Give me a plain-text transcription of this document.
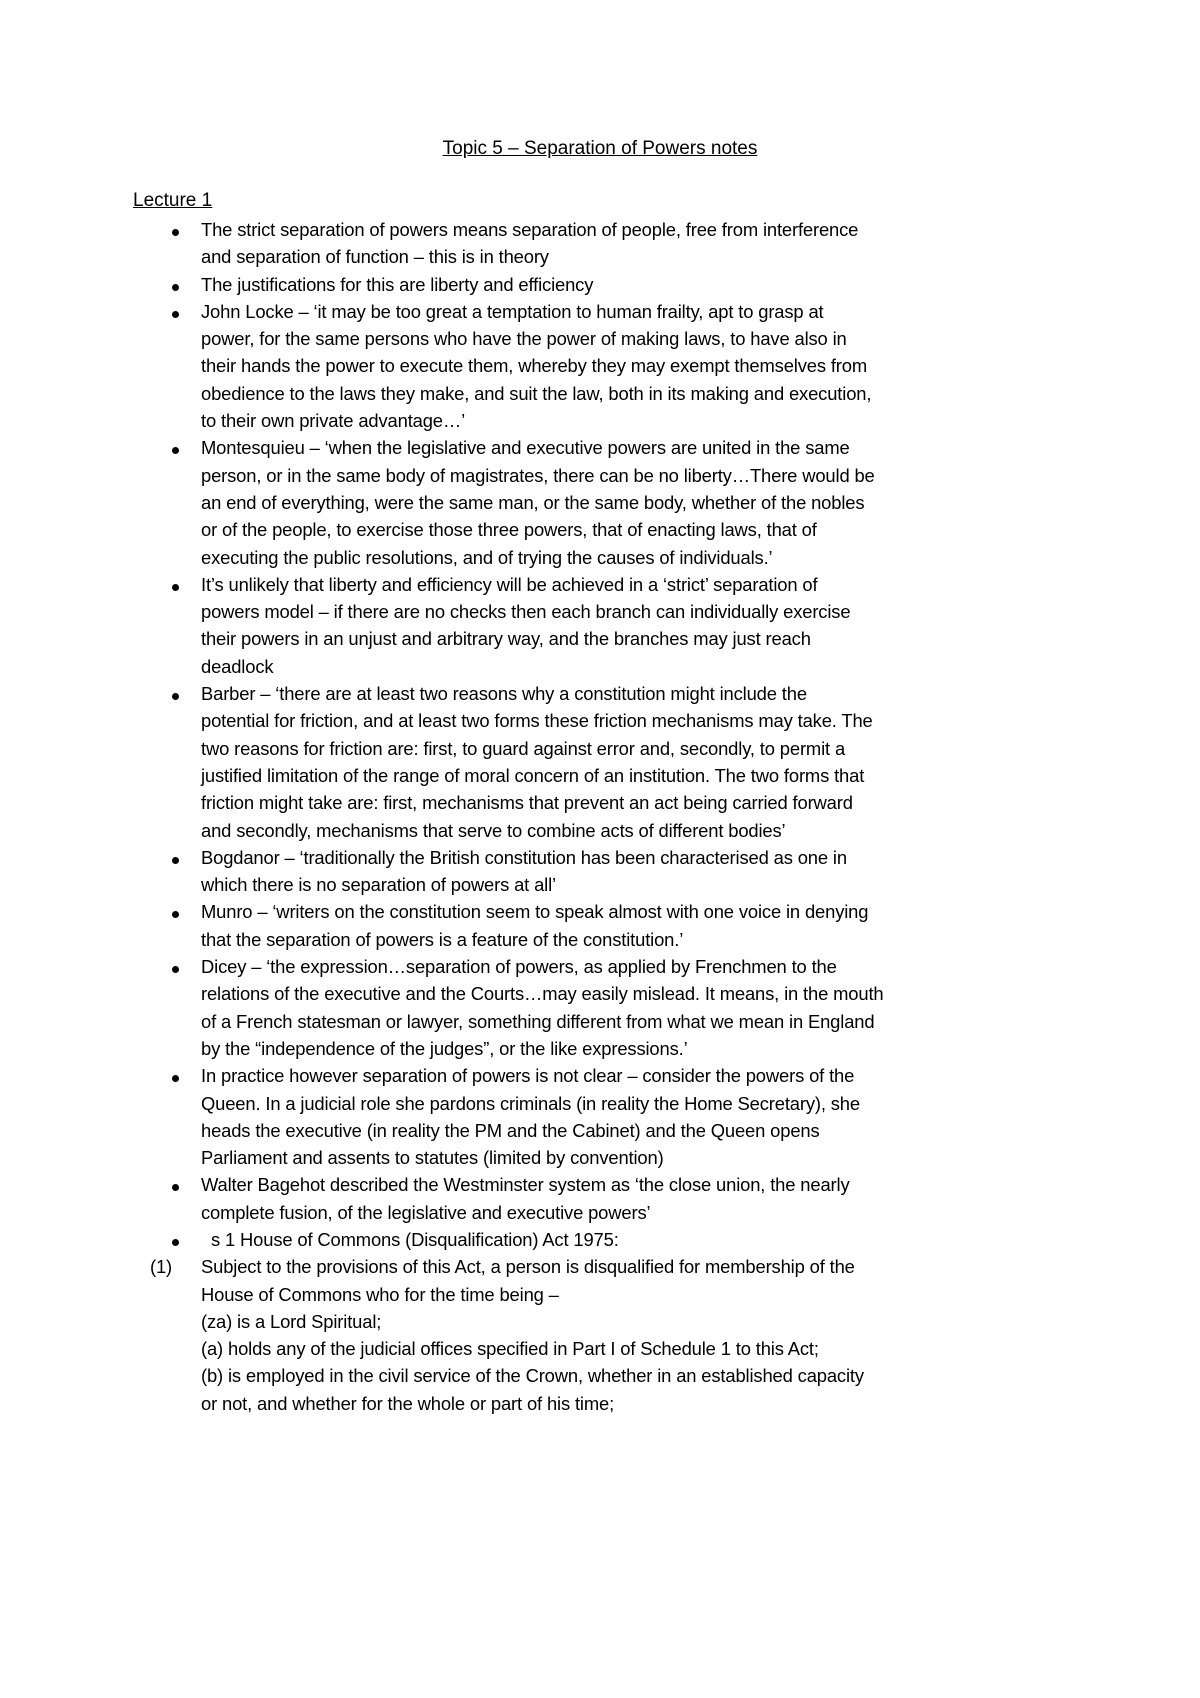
Topic 5 – Separation of Powers notes
Lecture 1
The strict separation of powers means separation of people, free from interference
and separation of function – this is in theory
The justifications for this are liberty and efficiency
John Locke – ‘it may be too great a temptation to human frailty, apt to grasp at
power, for the same persons who have the power of making laws, to have also in
their hands the power to execute them, whereby they may exempt themselves from
obedience to the laws they make, and suit the law, both in its making and execution,
to their own private advantage…’
Montesquieu – ‘when the legislative and executive powers are united in the same
person, or in the same body of magistrates, there can be no liberty…There would be
an end of everything, were the same man, or the same body, whether of the nobles
or of the people, to exercise those three powers, that of enacting laws, that of
executing the public resolutions, and of trying the causes of individuals.’
It’s unlikely that liberty and efficiency will be achieved in a ‘strict’ separation of
powers model – if there are no checks then each branch can individually exercise
their powers in an unjust and arbitrary way, and the branches may just reach
deadlock
Barber – ‘there are at least two reasons why a constitution might include the
potential for friction, and at least two forms these friction mechanisms may take. The
two reasons for friction are: first, to guard against error and, secondly, to permit a
justified limitation of the range of moral concern of an institution. The two forms that
friction might take are: first, mechanisms that prevent an act being carried forward
and secondly, mechanisms that serve to combine acts of different bodies’
Bogdanor – ‘traditionally the British constitution has been characterised as one in
which there is no separation of powers at all’
Munro – ‘writers on the constitution seem to speak almost with one voice in denying
that the separation of powers is a feature of the constitution.’
Dicey – ‘the expression…separation of powers, as applied by Frenchmen to the
relations of the executive and the Courts…may easily mislead. It means, in the mouth
of a French statesman or lawyer, something different from what we mean in England
by the “independence of the judges”, or the like expressions.’
In practice however separation of powers is not clear – consider the powers of the
Queen. In a judicial role she pardons criminals (in reality the Home Secretary), she
heads the executive (in reality the PM and the Cabinet) and the Queen opens
Parliament and assents to statutes (limited by convention)
Walter Bagehot described the Westminster system as ‘the close union, the nearly
complete fusion, of the legislative and executive powers’
s 1 House of Commons (Disqualification) Act 1975:
(1) Subject to the provisions of this Act, a person is disqualified for membership of the
House of Commons who for the time being –
(za) is a Lord Spiritual;
(a) holds any of the judicial offices specified in Part I of Schedule 1 to this Act;
(b) is employed in the civil service of the Crown, whether in an established capacity
or not, and whether for the whole or part of his time;
